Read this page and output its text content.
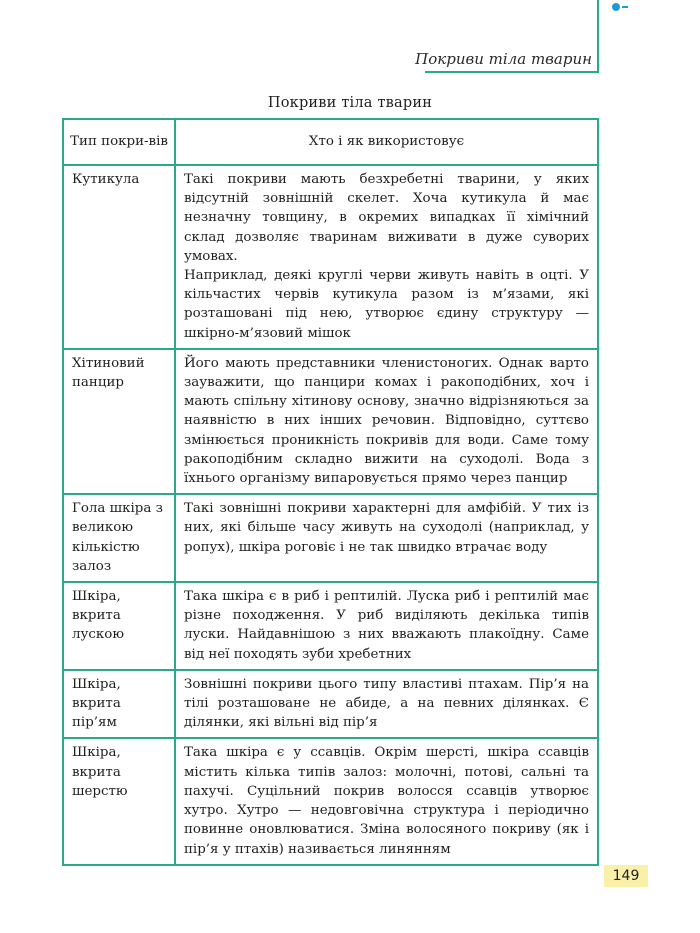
Покриви тіла тварин
Покриви тіла тварин
Тип покри-вів	Хто і як використовує
Кутикула	Такі покриви мають безхребетні тварини, у яких відсутній зовнішній скелет. Хоча кутикула й має незначну товщину, в окремих випадках її хімічний склад дозволяє тваринам виживати в дуже суворих умовах.
Наприклад, деякі круглі черви живуть навіть в оцті. У кільчастих червів кутикула разом із м’язами, які розташовані під нею, утворює єдину структуру — шкірно-м’язовий мішок

Хітиновий панцир	Його мають представники членистоногих. Однак варто зауважити, що панцири комах і ракоподібних, хоч і мають спільну хітинову основу, значно відрізняються за наявністю в них інших речовин. Відповідно, суттєво змінюється проникність покривів для води. Саме тому ракоподібним складно вижити на суходолі. Вода з їхнього організму випаровується прямо через панцир

Гола шкіра з великою кількістю залоз	Такі зовнішні покриви характерні для амфібій. У тих із них, які більше часу живуть на суходолі (наприклад, у ропух), шкіра роговіє і не так швидко втрачає воду

Шкіра, вкрита лускою	Така шкіра є в риб і рептилій. Луска риб і рептилій має різне походження. У риб виділяють декілька типів луски. Найдавнішою з них вважають плакоїдну. Саме від неї походять зуби хребетних

Шкіра, вкрита пір’ям	Зовнішні покриви цього типу властиві птахам. Пір’я на тілі розташоване не абиде, а на певних ділянках. Є ділянки, які вільні від пір’я

Шкіра, вкрита шерстю	Така шкіра є у ссавців. Окрім шерсті, шкіра ссавців містить кілька типів залоз: молочні, потові, сальні та пахучі. Суцільний покрив волосся ссавців утворює хутро. Хутро — недовговічна структура і періодично повинне оновлюватися. Зміна волосяного покриву (як і пір’я у птахів) називається линянням
149
